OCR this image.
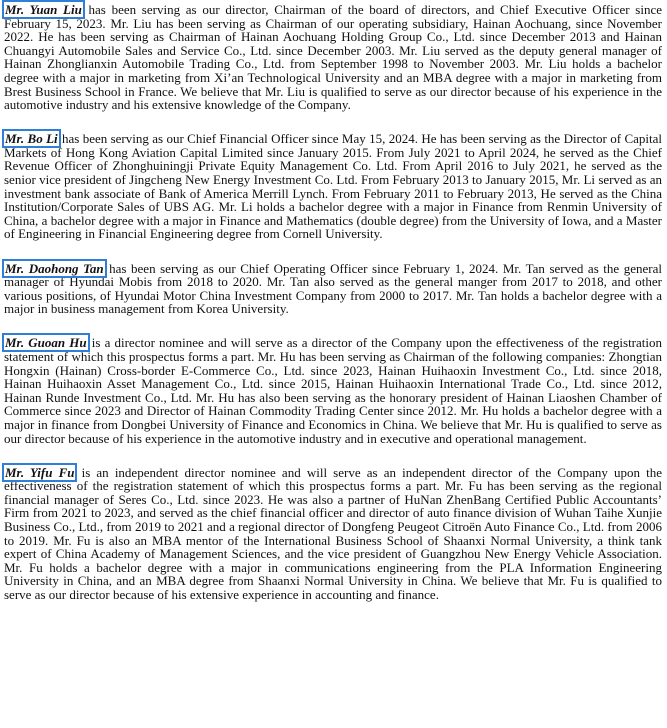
Mr. Yuan Liu has been serving as our director, Chairman of the board of directors, and Chief Executive Officer since February 15, 2023. Mr. Liu has been serving as Chairman of our operating subsidiary, Hainan Aochuang, since November 2022. He has been serving as Chairman of Hainan Aochuang Holding Group Co., Ltd. since December 2013 and Hainan Chuangyi Automobile Sales and Service Co., Ltd. since December 2003. Mr. Liu served as the deputy general manager of Hainan Zhonglianxin Automobile Trading Co., Ltd. from September 1998 to November 2003. Mr. Liu holds a bachelor degree with a major in marketing from Xi’an Technological University and an MBA degree with a major in marketing from Brest Business School in France. We believe that Mr. Liu is qualified to serve as our director because of his experience in the automotive industry and his extensive knowledge of the Company.

Mr. Bo Li has been serving as our Chief Financial Officer since May 15, 2024. He has been serving as the Director of Capital Markets of Hong Kong Aviation Capital Limited since January 2015. From July 2021 to April 2024, he served as the Chief Revenue Officer of Zhonghuiningji Private Equity Management Co. Ltd. From April 2016 to July 2021, he served as the senior vice president of Jingcheng New Energy Investment Co. Ltd. From February 2013 to January 2015, Mr. Li served as an investment bank associate of Bank of America Merrill Lynch. From February 2011 to February 2013, He served as the China Institution/Corporate Sales of UBS AG. Mr. Li holds a bachelor degree with a major in Finance from Renmin University of China, a bachelor degree with a major in Finance and Mathematics (double degree) from the University of Iowa, and a Master of Engineering in Financial Engineering degree from Cornell University.

Mr. Daohong Tan has been serving as our Chief Operating Officer since February 1, 2024. Mr. Tan served as the general manager of Hyundai Mobis from 2018 to 2020. Mr. Tan also served as the general manger from 2017 to 2018, and other various positions, of Hyundai Motor China Investment Company from 2000 to 2017. Mr. Tan holds a bachelor degree with a major in business management from Korea University.

Mr. Guoan Hu is a director nominee and will serve as a director of the Company upon the effectiveness of the registration statement of which this prospectus forms a part. Mr. Hu has been serving as Chairman of the following companies: Zhongtian Hongxin (Hainan) Cross-border E-Commerce Co., Ltd. since 2023, Hainan Huihaoxin Investment Co., Ltd. since 2018, Hainan Huihaoxin Asset Management Co., Ltd. since 2015, Hainan Huihaoxin International Trade Co., Ltd. since 2012, Hainan Runde Investment Co., Ltd. Mr. Hu has also been serving as the honorary president of Hainan Liaoshen Chamber of Commerce since 2023 and Director of Hainan Commodity Trading Center since 2012. Mr. Hu holds a bachelor degree with a major in finance from Dongbei University of Finance and Economics in China. We believe that Mr. Hu is qualified to serve as our director because of his experience in the automotive industry and in executive and operational management.

Mr. Yifu Fu is an independent director nominee and will serve as an independent director of the Company upon the effectiveness of the registration statement of which this prospectus forms a part. Mr. Fu has been serving as the regional financial manager of Seres Co., Ltd. since 2023. He was also a partner of HuNan ZhenBang Certified Public Accountants’ Firm from 2021 to 2023, and served as the chief financial officer and director of auto finance division of Wuhan Taihe Xunjie Business Co., Ltd., from 2019 to 2021 and a regional director of Dongfeng Peugeot Citroën Auto Finance Co., Ltd. from 2006 to 2019. Mr. Fu is also an MBA mentor of the International Business School of Shaanxi Normal University, a think tank expert of China Academy of Management Sciences, and the vice president of Guangzhou New Energy Vehicle Association. Mr. Fu holds a bachelor degree with a major in communications engineering from the PLA Information Engineering University in China, and an MBA degree from Shaanxi Normal University in China. We believe that Mr. Fu is qualified to serve as our director because of his extensive experience in accounting and finance.
